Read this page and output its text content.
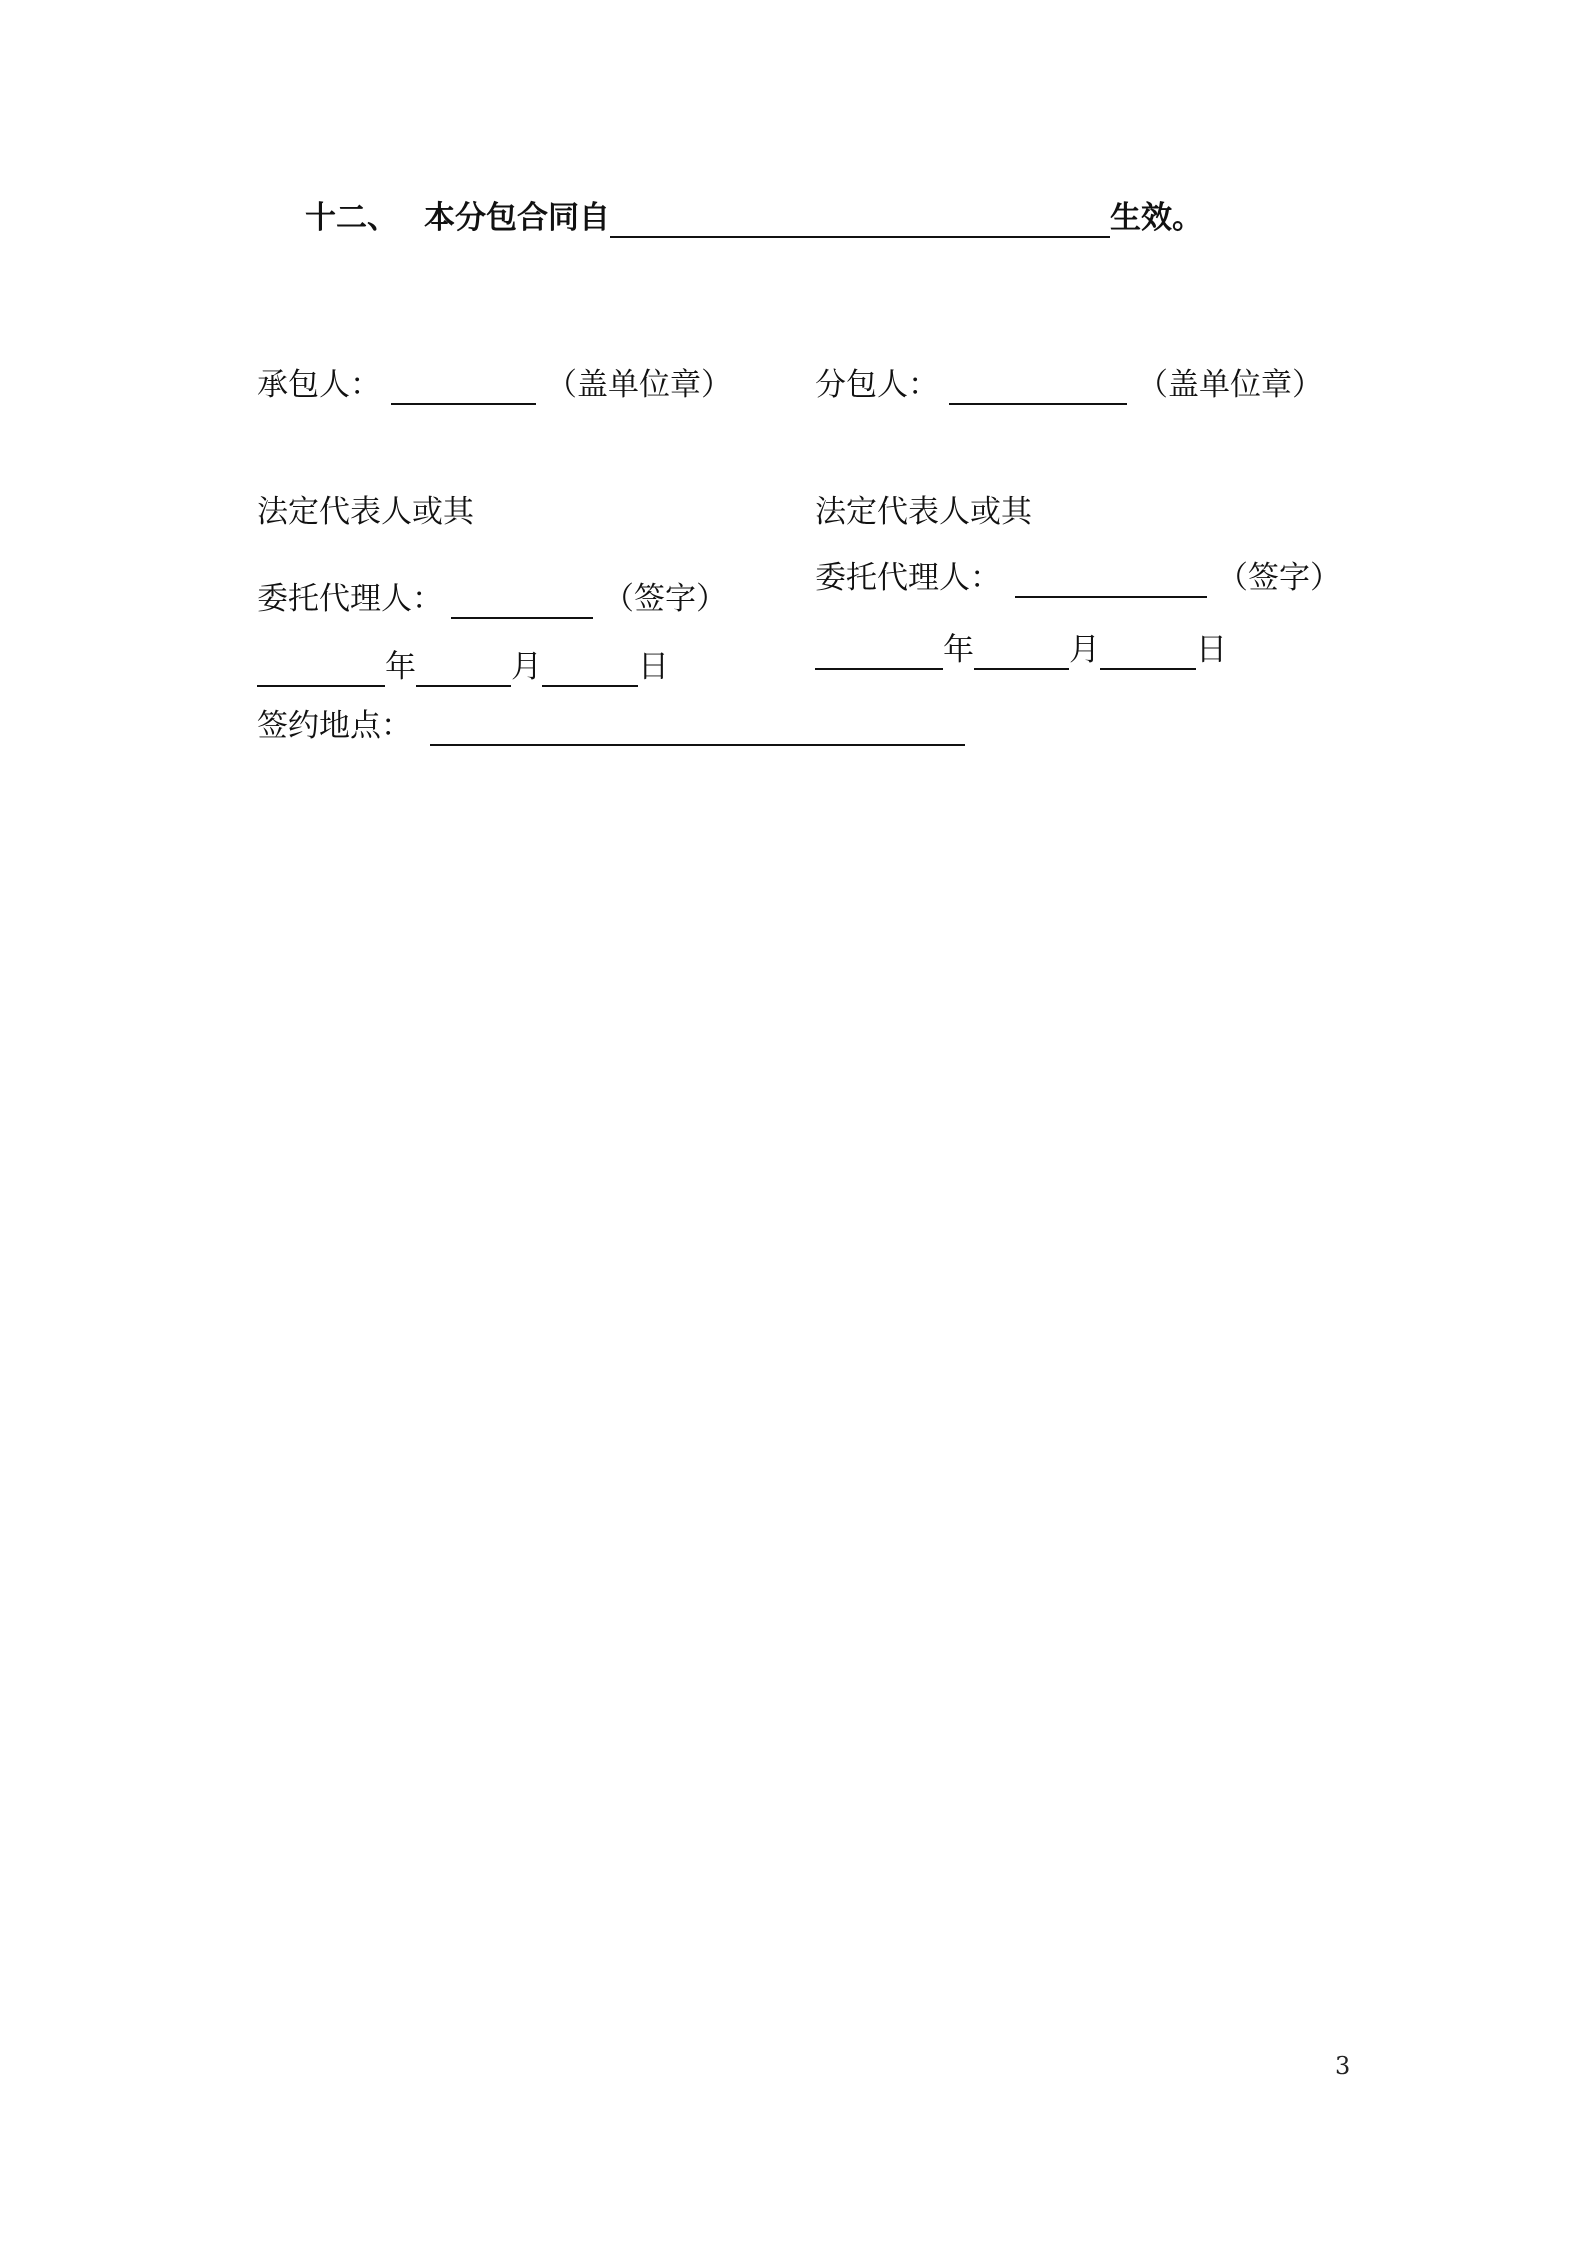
十二、 本分包合同自	生效。
承包人：	（盖单位章）
法定代表人或其
委托代理人：	（签字）
年	月	日
签约地点：
分包人：	（盖单位章）
法定代表人或其
委托代理人：	（签字）
年	月	日
3
